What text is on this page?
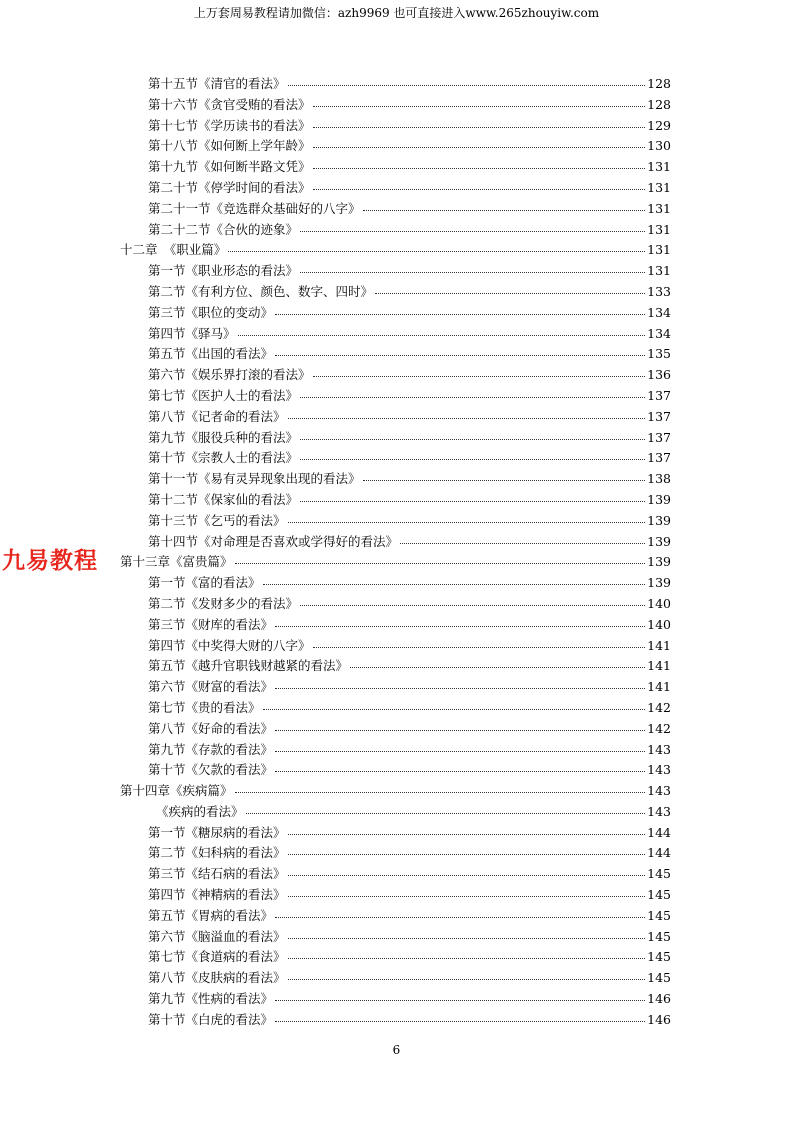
上万套周易教程请加微信：azh9969 也可直接进入www.265zhouyiw.com
九易教程
第十五节《清官的看法》	128
第十六节《贪官受贿的看法》	128
第十七节《学历读书的看法》	129
第十八节《如何断上学年龄》	130
第十九节《如何断半路文凭》	131
第二十节《停学时间的看法》	131
第二十一节《竞选群众基础好的八字》	131
第二十二节《合伙的迹象》	131
十二章　《职业篇》	131
第一节《职业形态的看法》	131
第二节《有利方位、颜色、数字、四时》	133
第三节《职位的变动》	134
第四节《驿马》	134
第五节《出国的看法》	135
第六节《娱乐界打滚的看法》	136
第七节《医护人士的看法》	137
第八节《记者命的看法》	137
第九节《服役兵种的看法》	137
第十节《宗教人士的看法》	137
第十一节《易有灵异现象出现的看法》	138
第十二节《保家仙的看法》	139
第十三节《乞丐的看法》	139
第十四节《对命理是否喜欢或学得好的看法》	139
第十三章《富贵篇》	139
第一节《富的看法》	139
第二节《发财多少的看法》	140
第三节《财库的看法》	140
第四节《中奖得大财的八字》	141
第五节《越升官职钱财越紧的看法》	141
第六节《财富的看法》	141
第七节《贵的看法》	142
第八节《好命的看法》	142
第九节《存款的看法》	143
第十节《欠款的看法》	143
第十四章《疾病篇》	143
《疾病的看法》	143
第一节《糖尿病的看法》	144
第二节《妇科病的看法》	144
第三节《结石病的看法》	145
第四节《神精病的看法》	145
第五节《胃病的看法》	145
第六节《脑溢血的看法》	145
第七节《食道病的看法》	145
第八节《皮肤病的看法》	145
第九节《性病的看法》	146
第十节《白虎的看法》	146
6
